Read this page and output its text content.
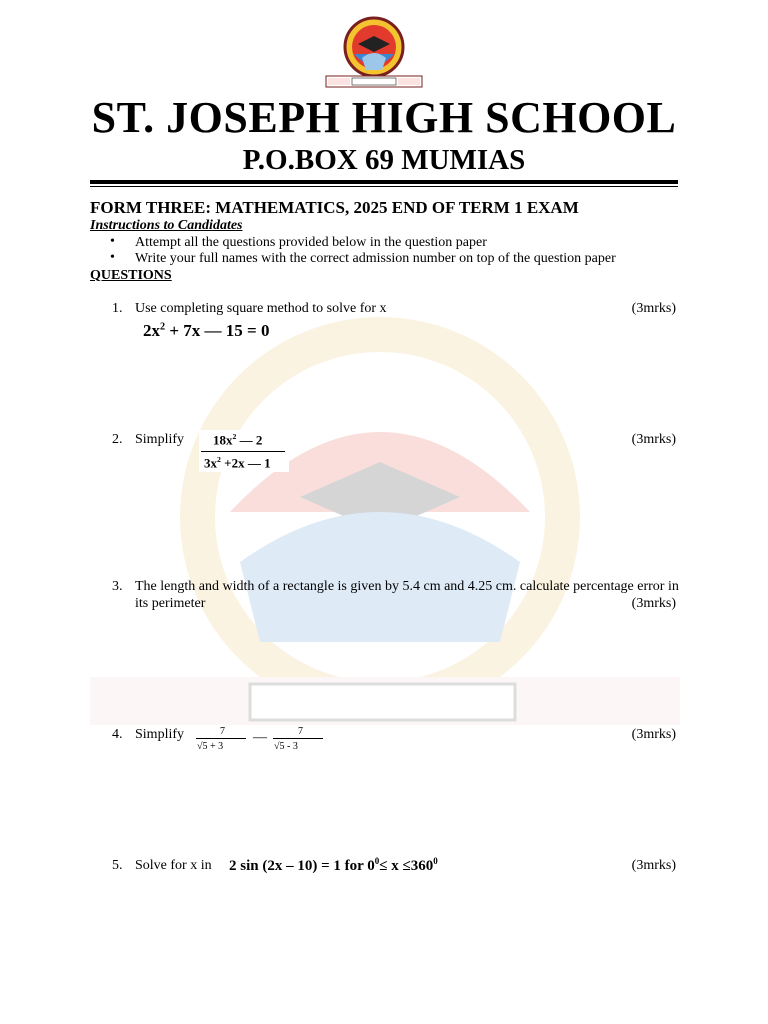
ST. JOSEPH HIGH SCHOOL
P.O.BOX 69 MUMIAS
FORM THREE: MATHEMATICS, 2025 END OF TERM 1 EXAM
Instructions to Candidates
• Attempt all the questions provided below in the question paper
• Write your full names with the correct admission number on top of the question paper
QUESTIONS
1. Use completing square method to solve for x	(3mrks)
$2x^2 + 7x$ — 15 = 0
2. Simplify	(3mrks)
$18x^2$ — 2
$3x^2 +2x$ — 1
3. The length and width of a rectangle is given by 5.4 cm and 4.25 cm. calculate percentage error in
its perimeter	(3mrks)
4. Simplify	(3mrks)
7
√5 + 3
—	7
√5 - 3
5. Solve for x in	(3mrks)
2 sin (2x – 10) = 1 for $0^0\le x \le 360^0$
